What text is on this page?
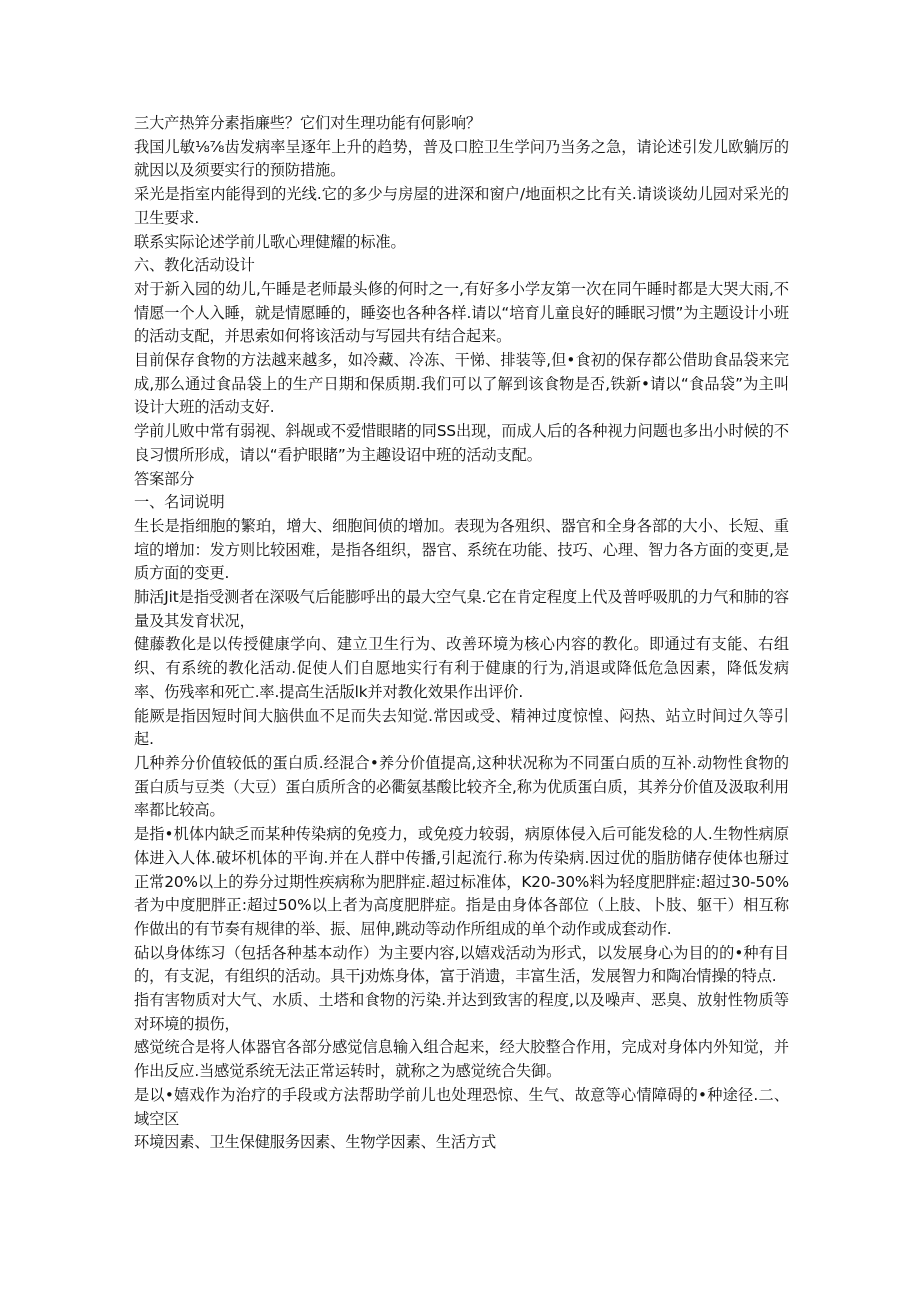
三大产热笄分素指廉些？它们对生理功能有何影响？

我国儿敏⅛⅞齿发病率呈逐年上升的趋势，普及口腔卫生学问乃当务之急，请论述引发儿欧躺厉的就因以及须要实行的预防措施。

采光是指室内能得到的光线.它的多少与房屋的进深和窗户/地面枳之比有关.请谈谈幼儿园对采光的卫生要求.

联系实际论述学前儿歌心理健耀的标准。

六、教化活动设计

对于新入园的幼儿,午睡是老师最头修的何时之一,有好多小学友第一次在同午睡时都是大哭大雨,不情愿一个人入睡，就是情愿睡的，睡姿也各种各样.请以“培育儿童良好的睡眠习惯”为主题设计小班的活动支配，并思索如何将该活动与写园共有结合起来。

目前保存食物的方法越来越多，如冷藏、冷冻、干悌、排装等,但•食初的保存都公借助食品袋来完成,那么通过食品袋上的生产日期和保质期.我们可以了解到该食物是否,铁新•请以“食品袋”为主叫设计大班的活动支好.

学前儿败中常有弱视、斜觇或不爱惜眼睹的同SS出现，而成人后的各种视力问题也多出小时候的不良习惯所形成，请以“看护眼睹”为主趣设诏中班的活动支配。

答案部分

一、名词说明

生长是指细胞的繁珀，增大、细胞间侦的增加。表现为各殂织、器官和全身各部的大小、长短、重塇的增加：发方则比较困难，是指各组织，器官、系统在功能、技巧、心理、智力各方面的变更,是质方面的变更.

肺活Jit是指受测者在深吸气后能膨呼出的最大空气臬.它在肯定程度上代及普呼吸肌的力气和肺的容量及其发育状况，

健藤教化是以传授健康学向、建立卫生行为、改善环境为核心内容的教化。即通过有支能、右组织、有系统的教化活动.促使人们自愿地实行有利于健康的行为,消退或降低危急因素，降低发病率、伤残率和死亡.率.提高生活版lk并对教化效果作出评价.

能厥是指因短时间大脑供血不足而失去知觉.常因或受、精神过度惊惶、闷热、站立时间过久等引起.

几种养分价值较低的蛋白质.经混合•养分价值提高,这种状况称为不同蛋白质的互补.动物性食物的蛋白质与豆类（大豆）蛋白质所含的必衢氨基酸比较齐全,称为优质蛋白质，其养分价值及汲取利用率都比较高。

是指•机体内缺乏而某种传染病的免疫力，或免疫力较弱，病原体侵入后可能发稔的人.生物性病原体进入人体.破坏机体的平询.并在人群中传播,引起流行.称为传染病.因过优的脂肪储存使体也掰过正常20%以上的券分过期性疾病称为肥胖症.超过标准体，K20-30%料为轻度肥胖症:超过30-50%者为中度肥胖正:超过50%以上者为高度肥胖症。指是由身体各部位（上肢、卜肢、躯干）相互称作做出的有节奏有规律的举、振、屈伸,跳动等动作所组成的单个动作或成套动作.

砧以身体练习（包括各种基本动作）为主要内容,以嬉戏活动为形式，以发展身心为目的的•种有目的，有支泥，有组织的活动。具干j劝炼身体，富于消遗，丰富生活，发展智力和陶冶情操的特点.

指有害物质对大气、水质、土塔和食物的污染.并达到致害的程度,以及噪声、恶臭、放射性物质等对环境的损伤，

感觉统合是将人体器官各部分感觉信息输入组合起来，经大胶整合作用，完成对身体内外知觉，并作出反应.当感觉系统无法正常运转时，就称之为感觉统合失御。

是以•嬉戏作为治疗的手段或方法帮助学前儿也处理恐惊、生气、故意等心情障碍的•种途径.二、域空区

环境因素、卫生保健服务因素、生物学因素、生活方式
